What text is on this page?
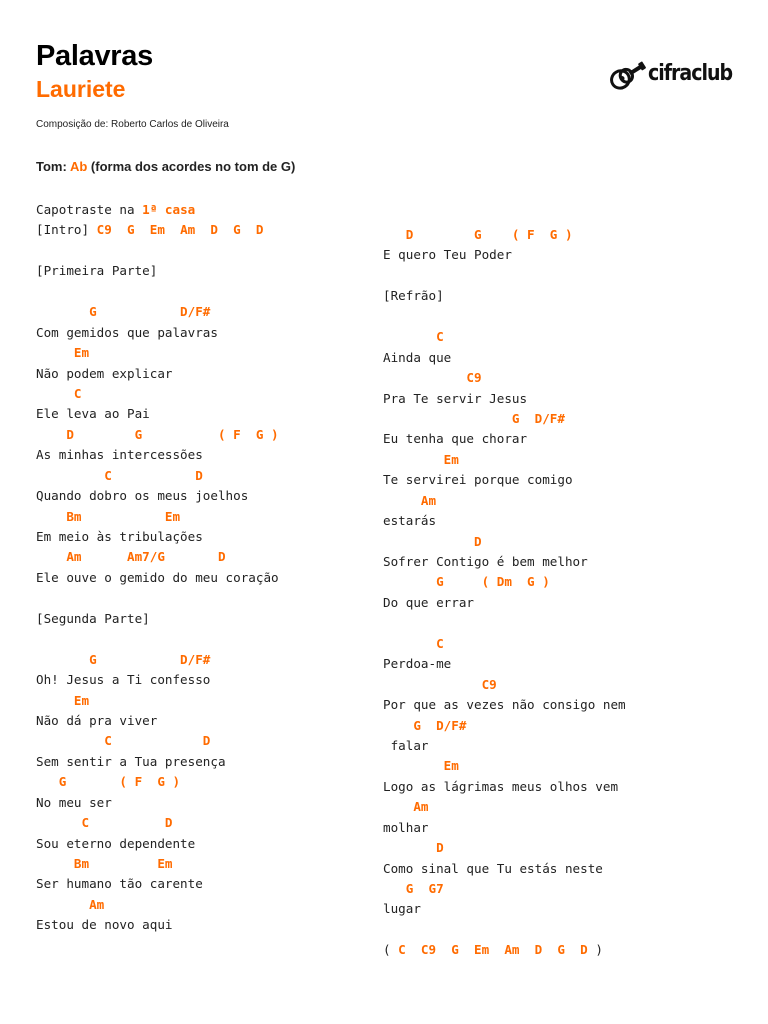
Palavras
Lauriete
Composição de: Roberto Carlos de Oliveira
Tom: Ab (forma dos acordes no tom de G)
cifraclub
Capotraste na 1ª casa
[Intro] C9  G  Em  Am  D  G  D
[Primeira Parte]
G           D/F#
Com gemidos que palavras
Em
Não podem explicar
C
Ele leva ao Pai
D        G          ( F  G )
As minhas intercessões
C           D
Quando dobro os meus joelhos
Bm           Em
Em meio às tribulações
Am      Am7/G       D
Ele ouve o gemido do meu coração
[Segunda Parte]
G           D/F#
Oh! Jesus a Ti confesso
Em
Não dá pra viver
C            D
Sem sentir a Tua presença
G       ( F  G )
No meu ser
C          D
Sou eterno dependente
Bm         Em
Ser humano tão carente
Am
Estou de novo aqui
D        G    ( F  G )
E quero Teu Poder
[Refrão]
C
Ainda que
C9
Pra Te servir Jesus
G  D/F#
Eu tenha que chorar
Em
Te servirei porque comigo
Am
estarás
D
Sofrer Contigo é bem melhor
G     ( Dm  G )
Do que errar
C
Perdoa-me
C9
Por que as vezes não consigo nem
G  D/F#
falar
Em
Logo as lágrimas meus olhos vem
Am
molhar
D
Como sinal que Tu estás neste
G  G7
lugar
( C  C9  G  Em  Am  D  G  D )
